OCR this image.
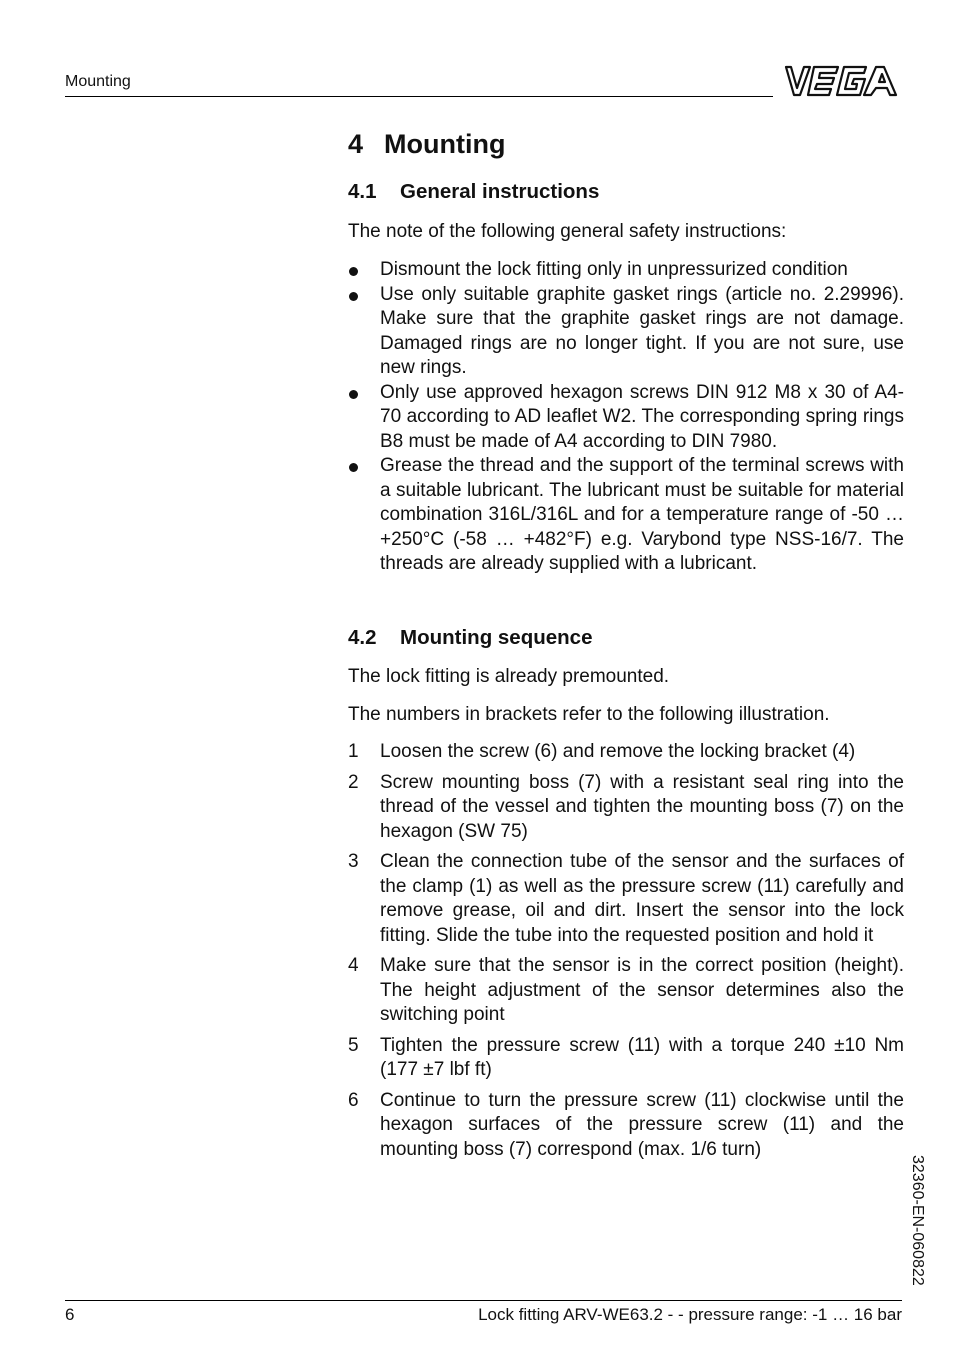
Mounting
4 Mounting
4.1 General instructions
The note of the following general safety instructions:
Dismount the lock fitting only in unpressurized condition
Use only suitable graphite gasket rings (article no. 2.29996). Make sure that the graphite gasket rings are not damage. Damaged rings are no longer tight. If you are not sure, use new rings.
Only use approved hexagon screws DIN 912 M8 x 30 of A4-70 according to AD leaflet W2. The corresponding spring rings B8 must be made of A4 according to DIN 7980.
Grease the thread and the support of the terminal screws with a suitable lubricant. The lubricant must be suitable for material combination 316L/316L and for a temperature range of -50 … +250°C (-58 … +482°F) e.g. Varybond type NSS-16/7. The threads are already supplied with a lubricant.
4.2 Mounting sequence
The lock fitting is already premounted.
The numbers in brackets refer to the following illustration.
1 Loosen the screw (6) and remove the locking bracket (4)
2 Screw mounting boss (7) with a resistant seal ring into the thread of the vessel and tighten the mounting boss (7) on the hexagon (SW 75)
3 Clean the connection tube of the sensor and the surfaces of the clamp (1) as well as the pressure screw (11) carefully and remove grease, oil and dirt. Insert the sensor into the lock fitting. Slide the tube into the requested position and hold it
4 Make sure that the sensor is in the correct position (height). The height adjustment of the sensor determines also the switching point
5 Tighten the pressure screw (11) with a torque 240 ±10 Nm (177 ±7 lbf ft)
6 Continue to turn the pressure screw (11) clockwise until the hexagon surfaces of the pressure screw (11) and the mounting boss (7) correspond (max. 1/6 turn)
32360-EN-060822
6	Lock fitting ARV-WE63.2 - - pressure range: -1 … 16 bar
